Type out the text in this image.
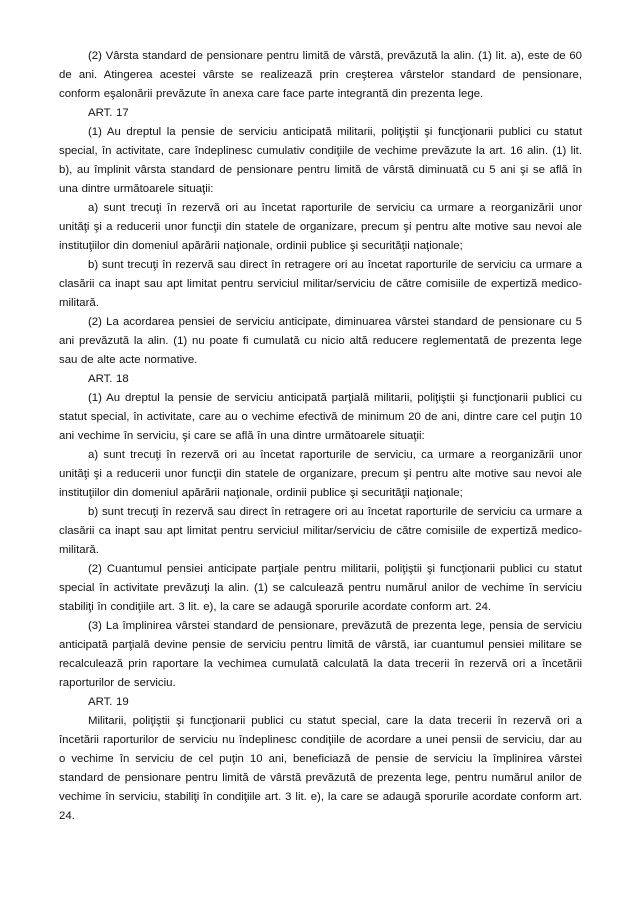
(2) Vârsta standard de pensionare pentru limită de vârstă, prevăzută la alin. (1) lit. a), este de 60 de ani. Atingerea acestei vârste se realizează prin creşterea vârstelor standard de pensionare, conform eşalonării prevăzute în anexa care face parte integrantă din prezenta lege.

ART. 17

(1) Au dreptul la pensie de serviciu anticipată militarii, poliţiştii şi funcţionarii publici cu statut special, în activitate, care îndeplinesc cumulativ condiţiile de vechime prevăzute la art. 16 alin. (1) lit. b), au împlinit vârsta standard de pensionare pentru limită de vârstă diminuată cu 5 ani şi se află în una dintre următoarele situaţii:

a) sunt trecuţi în rezervă ori au încetat raporturile de serviciu ca urmare a reorganizării unor unităţi şi a reducerii unor funcţii din statele de organizare, precum şi pentru alte motive sau nevoi ale instituţiilor din domeniul apărării naţionale, ordinii publice şi securităţii naţionale;

b) sunt trecuţi în rezervă sau direct în retragere ori au încetat raporturile de serviciu ca urmare a clasării ca inapt sau apt limitat pentru serviciul militar/serviciu de către comisiile de expertiză medico-militară.

(2) La acordarea pensiei de serviciu anticipate, diminuarea vârstei standard de pensionare cu 5 ani prevăzută la alin. (1) nu poate fi cumulată cu nicio altă reducere reglementată de prezenta lege sau de alte acte normative.

ART. 18

(1) Au dreptul la pensie de serviciu anticipată parţială militarii, poliţiştii şi funcţionarii publici cu statut special, în activitate, care au o vechime efectivă de minimum 20 de ani, dintre care cel puţin 10 ani vechime în serviciu, şi care se află în una dintre următoarele situaţii:

a) sunt trecuţi în rezervă ori au încetat raporturile de serviciu, ca urmare a reorganizării unor unităţi şi a reducerii unor funcţii din statele de organizare, precum şi pentru alte motive sau nevoi ale instituţiilor din domeniul apărării naţionale, ordinii publice şi securităţii naţionale;

b) sunt trecuţi în rezervă sau direct în retragere ori au încetat raporturile de serviciu ca urmare a clasării ca inapt sau apt limitat pentru serviciul militar/serviciu de către comisiile de expertiză medico-militară.

(2) Cuantumul pensiei anticipate parţiale pentru militarii, poliţiştii şi funcţionarii publici cu statut special în activitate prevăzuţi la alin. (1) se calculează pentru numărul anilor de vechime în serviciu stabiliţi în condiţiile art. 3 lit. e), la care se adaugă sporurile acordate conform art. 24.

(3) La împlinirea vârstei standard de pensionare, prevăzută de prezenta lege, pensia de serviciu anticipată parţială devine pensie de serviciu pentru limită de vârstă, iar cuantumul pensiei militare se recalculează prin raportare la vechimea cumulată calculată la data trecerii în rezervă ori a încetării raporturilor de serviciu.

ART. 19

Militarii, poliţiştii şi funcţionarii publici cu statut special, care la data trecerii în rezervă ori a încetării raporturilor de serviciu nu îndeplinesc condiţiile de acordare a unei pensii de serviciu, dar au o vechime în serviciu de cel puţin 10 ani, beneficiază de pensie de serviciu la împlinirea vârstei standard de pensionare pentru limită de vârstă prevăzută de prezenta lege, pentru numărul anilor de vechime în serviciu, stabiliţi în condiţiile art. 3 lit. e), la care se adaugă sporurile acordate conform art. 24.
